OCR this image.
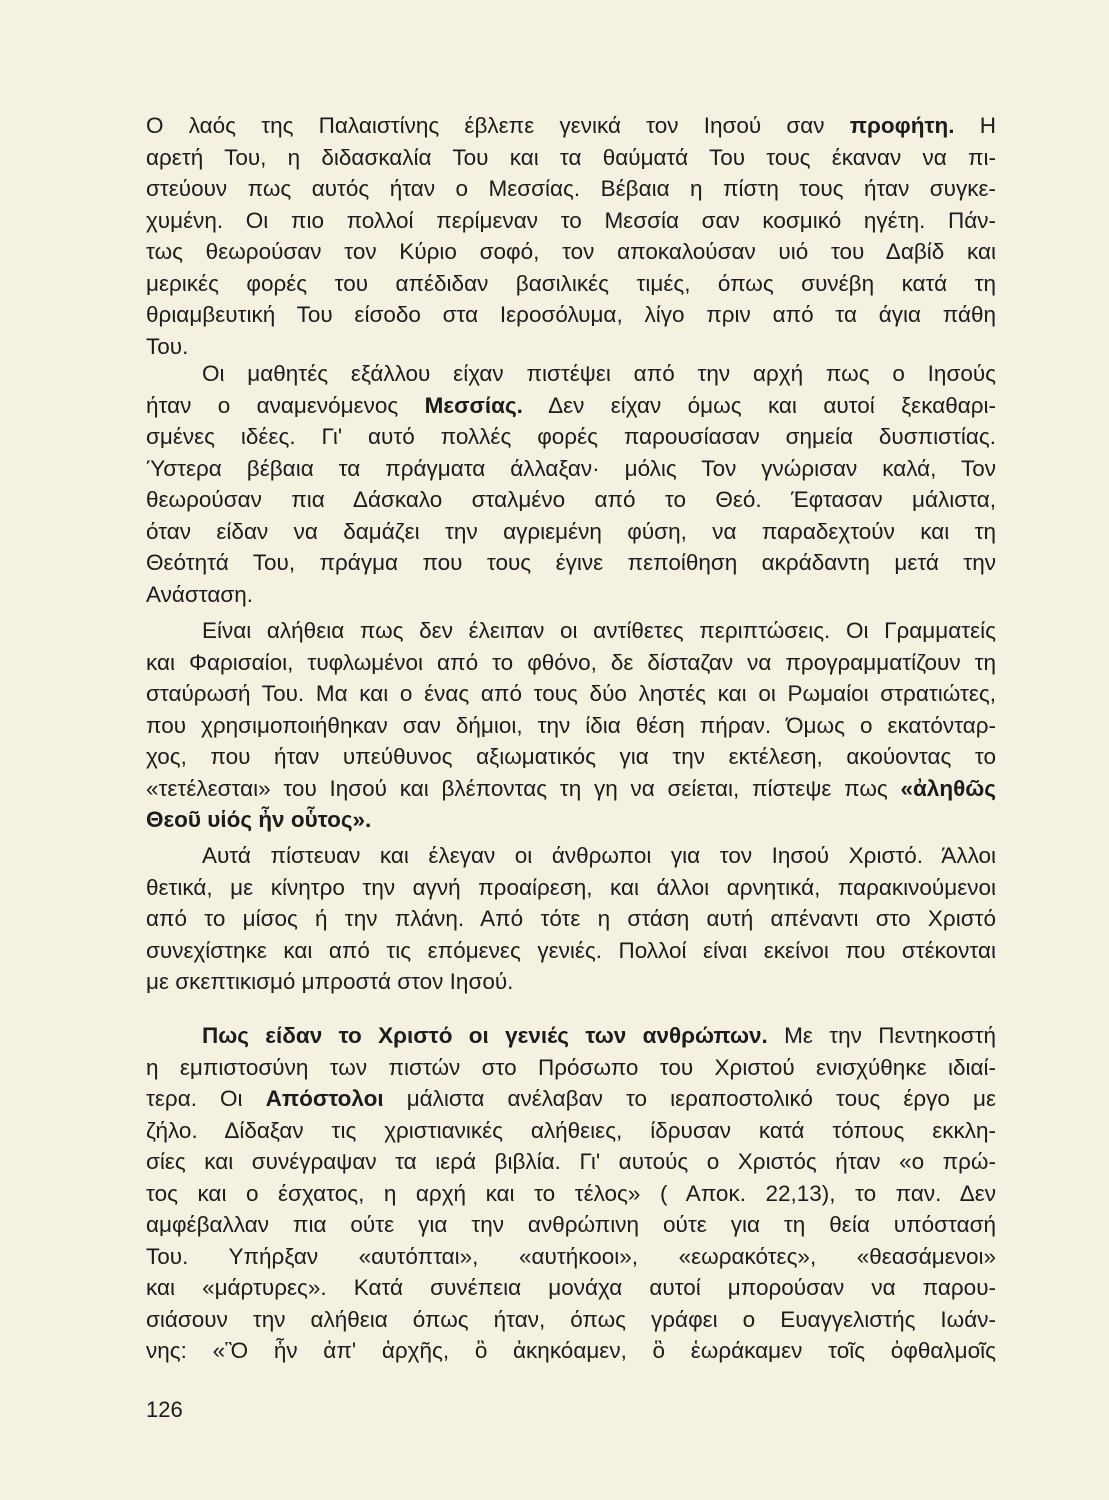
Ο λαός της Παλαιστίνης έβλεπε γενικά τον Ιησού σαν προφήτη. Η
αρετή Του, η διδασκαλία Του και τα θαύματά Του τους έκαναν να πι-
στεύουν πως αυτός ήταν ο Μεσσίας. Βέβαια η πίστη τους ήταν συγκε-
χυμένη. Οι πιο πολλοί περίμεναν το Μεσσία σαν κοσμικό ηγέτη. Πάν-
τως θεωρούσαν τον Κύριο σοφό, τον αποκαλούσαν υιό του Δαβίδ και
μερικές φορές του απέδιδαν βασιλικές τιμές, όπως συνέβη κατά τη
θριαμβευτική Του είσοδο στα Ιεροσόλυμα, λίγο πριν από τα άγια πάθη
Του.
Οι μαθητές εξάλλου είχαν πιστέψει από την αρχή πως ο Ιησούς
ήταν ο αναμενόμενος Μεσσίας. Δεν είχαν όμως και αυτοί ξεκαθαρι-
σμένες ιδέες. Γι' αυτό πολλές φορές παρουσίασαν σημεία δυσπιστίας.
Ύστερα βέβαια τα πράγματα άλλαξαν· μόλις Τον γνώρισαν καλά, Τον
θεωρούσαν πια Δάσκαλο σταλμένο από το Θεό. Έφτασαν μάλιστα,
όταν είδαν να δαμάζει την αγριεμένη φύση, να παραδεχτούν και τη
Θεότητά Του, πράγμα που τους έγινε πεποίθηση ακράδαντη μετά την
Ανάσταση.
Είναι αλήθεια πως δεν έλειπαν οι αντίθετες περιπτώσεις. Οι Γραμματείς
και Φαρισαίοι, τυφλωμένοι από το φθόνο, δε δίσταζαν να προγραμματίζουν τη
σταύρωσή Του. Μα και ο ένας από τους δύο ληστές και οι Ρωμαίοι στρατιώτες,
που χρησιμοποιήθηκαν σαν δήμιοι, την ίδια θέση πήραν. Όμως ο εκατόνταρ-
χος, που ήταν υπεύθυνος αξιωματικός για την εκτέλεση, ακούοντας το
«τετέλεσται» του Ιησού και βλέποντας τη γη να σείεται, πίστεψε πως «ἀληθῶς
Θεοῦ υἱός ἦν οὗτος».
Αυτά πίστευαν και έλεγαν οι άνθρωποι για τον Ιησού Χριστό. Άλλοι
θετικά, με κίνητρο την αγνή προαίρεση, και άλλοι αρνητικά, παρακινούμενοι
από το μίσος ή την πλάνη. Από τότε η στάση αυτή απέναντι στο Χριστό
συνεχίστηκε και από τις επόμενες γενιές. Πολλοί είναι εκείνοι που στέκονται
με σκεπτικισμό μπροστά στον Ιησού.
Πως είδαν το Χριστό οι γενιές των ανθρώπων. Με την Πεντηκοστή
η εμπιστοσύνη των πιστών στο Πρόσωπο του Χριστού ενισχύθηκε ιδιαί-
τερα. Οι Απόστολοι μάλιστα ανέλαβαν το ιεραποστολικό τους έργο με
ζήλο. Δίδαξαν τις χριστιανικές αλήθειες, ίδρυσαν κατά τόπους εκκλη-
σίες και συνέγραψαν τα ιερά βιβλία. Γι' αυτούς ο Χριστός ήταν «ο πρώ-
τος και ο έσχατος, η αρχή και το τέλος» ( Αποκ. 22,13), το παν. Δεν
αμφέβαλλαν πια ούτε για την ανθρώπινη ούτε για τη θεία υπόστασή
Του. Υπήρξαν «αυτόπται», «αυτήκοοι», «εωρακότες», «θεασάμενοι»
και «μάρτυρες». Κατά συνέπεια μονάχα αυτοί μπορούσαν να παρου-
σιάσουν την αλήθεια όπως ήταν, όπως γράφει ο Ευαγγελιστής Ιωάν-
νης: «Ὃ ἦν ἀπ' ἀρχῆς, ὃ ἀκηκόαμεν, ὃ ἑωράκαμεν τοῖς ὀφθαλμοῖς
126
